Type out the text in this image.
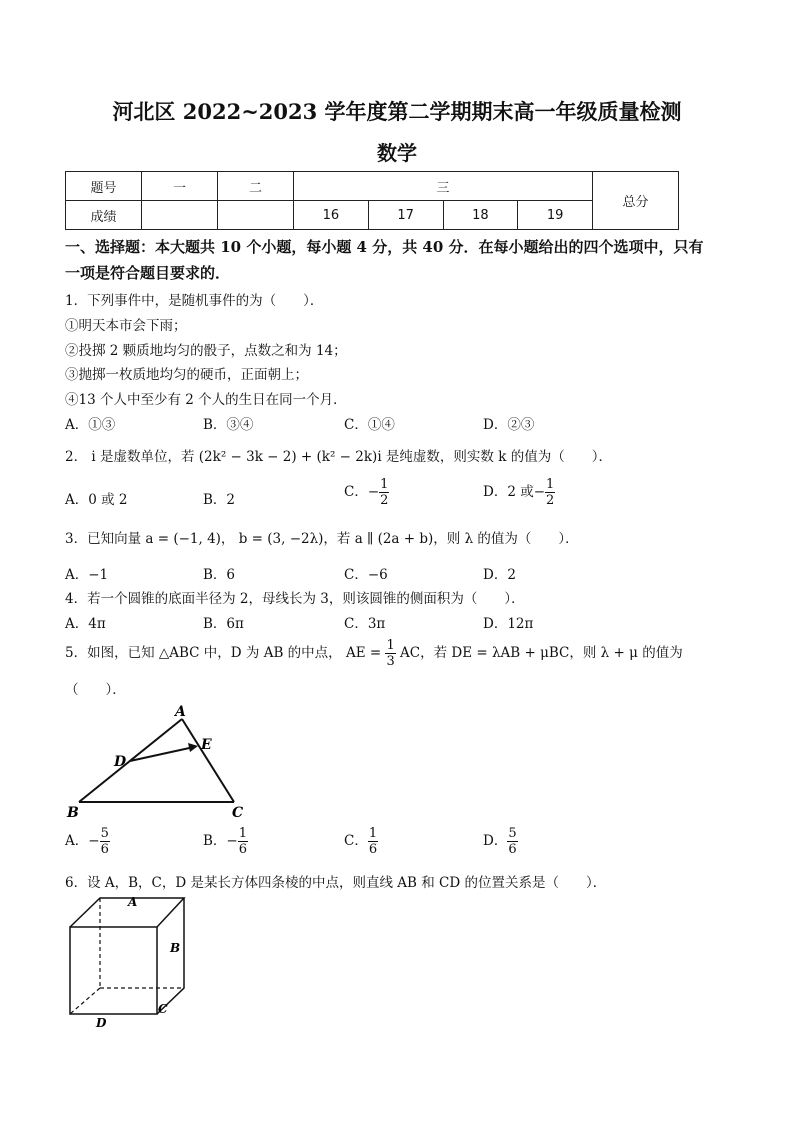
河北区 2022~2023 学年度第二学期期末高一年级质量检测
数学
题号	一	二	三				总分
成绩			16	17	18	19	
一、选择题：本大题共 10 个小题，每小题 4 分，共 40 分．在每小题给出的四个选项中，只有
一项是符合题目要求的．
1．下列事件中，是随机事件的为（　　）．
①明天本市会下雨；
②投掷 2 颗质地均匀的骰子，点数之和为 14；
③抛掷一枚质地均匀的硬币，正面朝上；
④13 个人中至少有 2 个人的生日在同一个月．
A．①③	B．③④	C．①④	D．②③
2． i 是虚数单位，若 (2k² − 3k − 2) + (k² − 2k)i 是纯虚数，则实数 k 的值为（　　）．
A．0 或 2	B．2	C．− $\frac{1}{2}$	D．2 或− $\frac{1}{2}$
3．已知向量 a = (−1, 4)， b = (3, −2λ)，若 a ∥ (2a + b)，则 λ 的值为（　　）．
A．−1	B．6	C．−6	D．2
4．若一个圆锥的底面半径为 2，母线长为 3，则该圆锥的侧面积为（　　）．
A．4π	B．6π	C．3π	D．12π
5．如图，已知 △ABC 中，D 为 AB 的中点， AE = $\frac{1}{3}$ AC，若 DE = λAB + μBC，则 λ + μ 的值为
（　　）．
A
E
D
B	C
A．− $\frac{5}{6}$	B．− $\frac{1}{6}$	C． $\frac{1}{6}$	D． $\frac{5}{6}$
6．设 A，B，C，D 是某长方体四条棱的中点，则直线 AB 和 CD 的位置关系是（　　）．
A
B
C
D
